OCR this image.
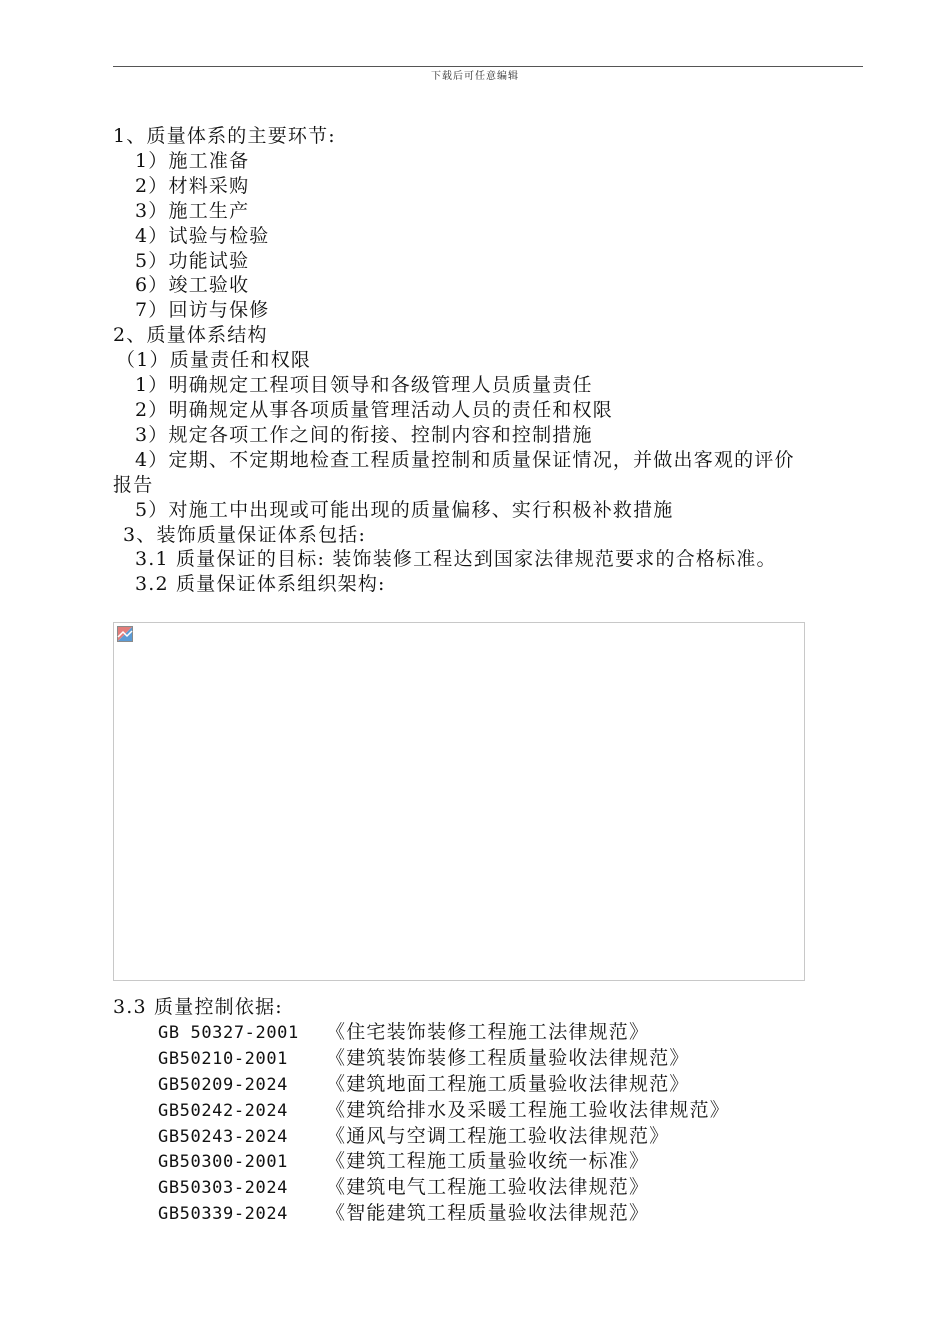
下载后可任意编辑
1、质量体系的主要环节:
1）施工准备
2）材料采购
3）施工生产
4）试验与检验
5）功能试验
6）竣工验收
7）回访与保修
2、质量体系结构
（1）质量责任和权限
1）明确规定工程项目领导和各级管理人员质量责任
2）明确规定从事各项质量管理活动人员的责任和权限
3）规定各项工作之间的衔接、控制内容和控制措施
4）定期、不定期地检查工程质量控制和质量保证情况，并做出客观的评价
报告
5）对施工中出现或可能出现的质量偏移、实行积极补救措施
3、装饰质量保证体系包括:
3.1 质量保证的目标: 装饰装修工程达到国家法律规范要求的合格标准。
3.2 质量保证体系组织架构:
3.3 质量控制依据:
GB 50327-2001 《住宅装饰装修工程施工法律规范》
GB50210-2001 《建筑装饰装修工程质量验收法律规范》
GB50209-2024 《建筑地面工程施工质量验收法律规范》
GB50242-2024 《建筑给排水及采暖工程施工验收法律规范》
GB50243-2024 《通风与空调工程施工验收法律规范》
GB50300-2001 《建筑工程施工质量验收统一标准》
GB50303-2024 《建筑电气工程施工验收法律规范》
GB50339-2024 《智能建筑工程质量验收法律规范》
